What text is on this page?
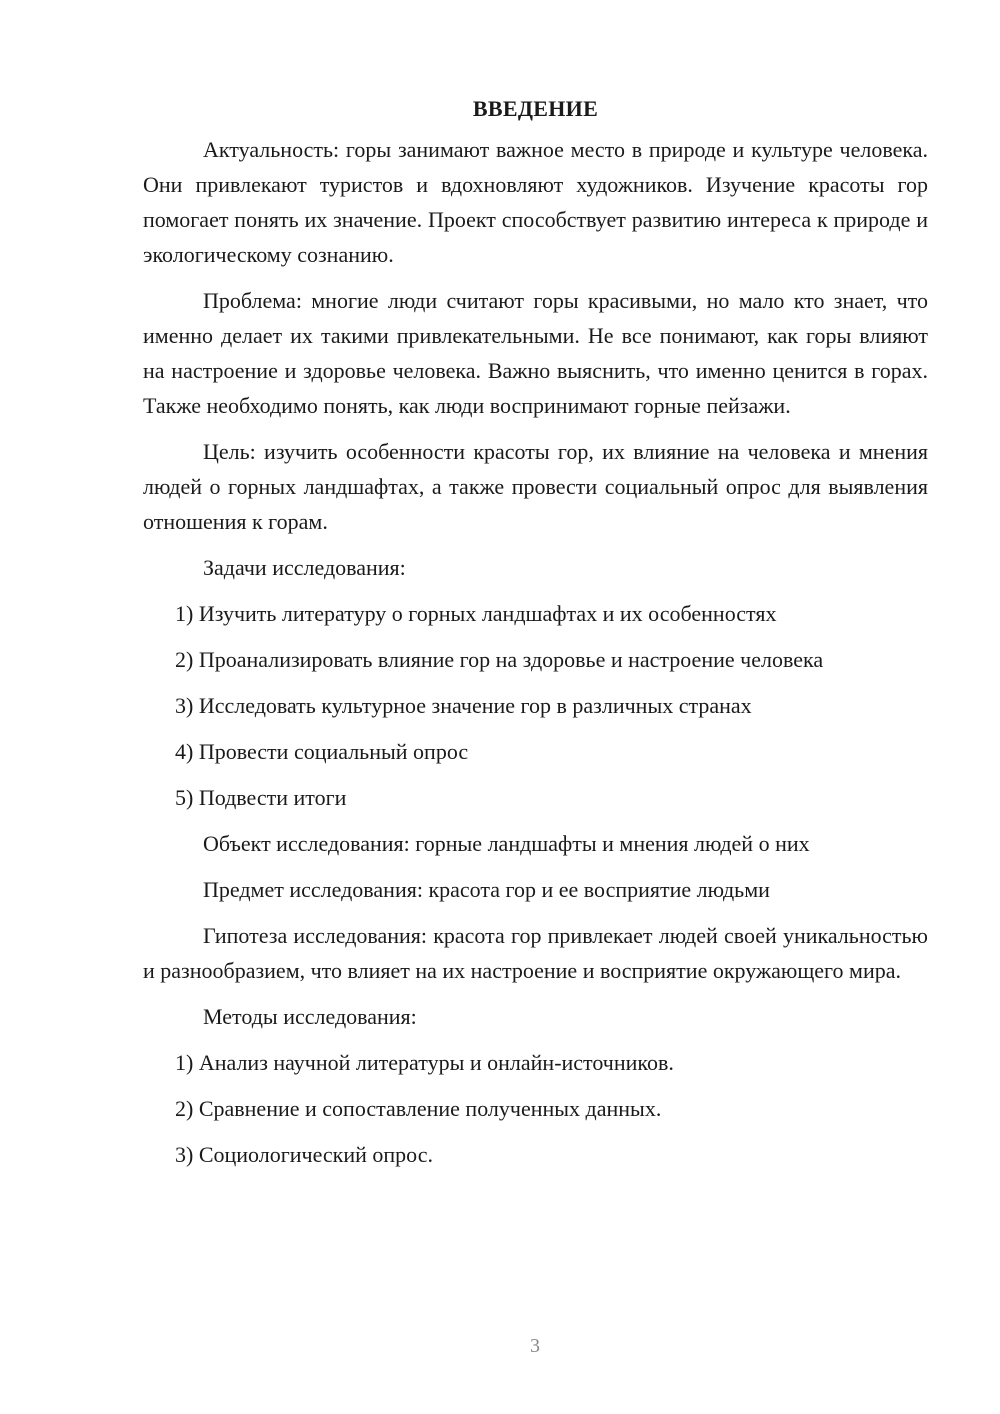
ВВЕДЕНИЕ

Актуальность: горы занимают важное место в природе и культуре человека. Они привлекают туристов и вдохновляют художников. Изучение красоты гор помогает понять их значение. Проект способствует развитию интереса к природе и экологическому сознанию.

Проблема: многие люди считают горы красивыми, но мало кто знает, что именно делает их такими привлекательными. Не все понимают, как горы влияют на настроение и здоровье человека. Важно выяснить, что именно ценится в горах. Также необходимо понять, как люди воспринимают горные пейзажи.

Цель: изучить особенности красоты гор, их влияние на человека и мнения людей о горных ландшафтах, а также провести социальный опрос для выявления отношения к горам.

Задачи исследования:
1) Изучить литературу о горных ландшафтах и их особенностях
2) Проанализировать влияние гор на здоровье и настроение человека
3) Исследовать культурное значение гор в различных странах
4) Провести социальный опрос
5) Подвести итоги
Объект исследования: горные ландшафты и мнения людей о них
Предмет исследования: красота гор и ее восприятие людьми

Гипотеза исследования: красота гор привлекает людей своей уникальностью и разнообразием, что влияет на их настроение и восприятие окружающего мира.

Методы исследования:
1) Анализ научной литературы и онлайн-источников.
2) Сравнение и сопоставление полученных данных.
3) Социологический опрос.
3
